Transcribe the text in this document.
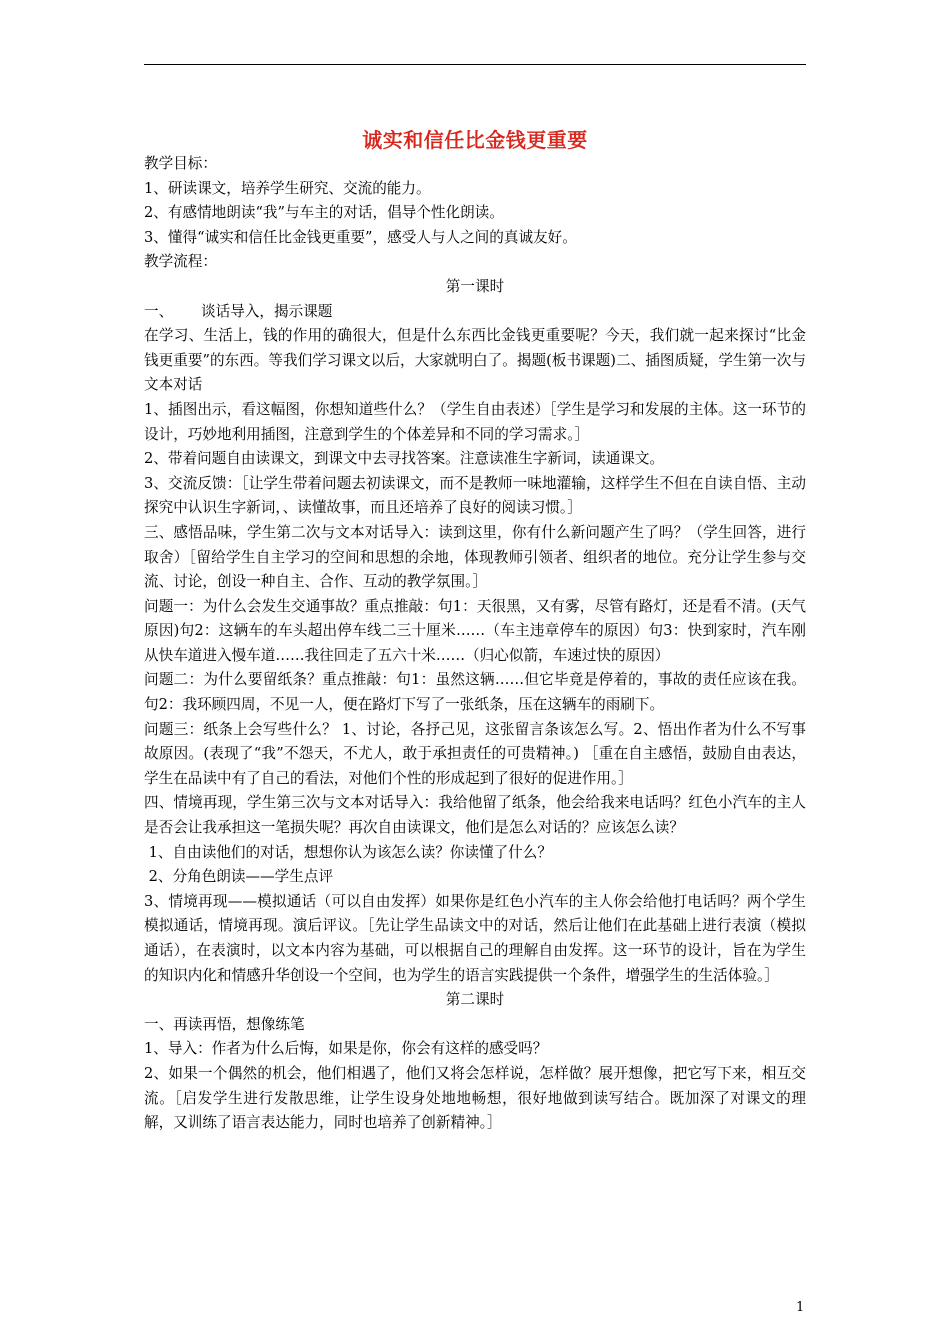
诚实和信任比金钱更重要

教学目标：

1、研读课文，培养学生研究、交流的能力。

2、有感情地朗读“我”与车主的对话，倡导个性化朗读。

3、懂得“诚实和信任比金钱更重要”，感受人与人之间的真诚友好。

教学流程：

第一课时

一、      谈话导入，揭示课题

在学习、生活上，钱的作用的确很大，但是什么东西比金钱更重要呢？今天，我们就一起来探讨“比金钱更重要”的东西。等我们学习课文以后，大家就明白了。揭题(板书课题)二、插图质疑，学生第一次与文本对话

1、插图出示，看这幅图，你想知道些什么？（学生自由表述）［学生是学习和发展的主体。这一环节的设计，巧妙地利用插图，注意到学生的个体差异和不同的学习需求。］

2、带着问题自由读课文，到课文中去寻找答案。注意读准生字新词，读通课文。

3、交流反馈：［让学生带着问题去初读课文，而不是教师一味地灌输，这样学生不但在自读自悟、主动探究中认识生字新词，、读懂故事，而且还培养了良好的阅读习惯。］

三、感悟品味，学生第二次与文本对话导入：读到这里，你有什么新问题产生了吗？（学生回答，进行取舍）［留给学生自主学习的空间和思想的余地，体现教师引领者、组织者的地位。充分让学生参与交流、讨论，创设一种自主、合作、互动的教学氛围。］

问题一：为什么会发生交通事故？重点推敲：句1：天很黑，又有雾，尽管有路灯，还是看不清。(天气原因)句2：这辆车的车头超出停车线二三十厘米……（车主违章停车的原因）句3：快到家时，汽车刚从快车道进入慢车道……我往回走了五六十米……（归心似箭，车速过快的原因）

问题二：为什么要留纸条？重点推敲：句1：虽然这辆……但它毕竟是停着的，事故的责任应该在我。句2：我环顾四周，不见一人，便在路灯下写了一张纸条，压在这辆车的雨刷下。

问题三：纸条上会写些什么？ 1、讨论，各抒己见，这张留言条该怎么写。2、悟出作者为什么不写事故原因。(表现了“我”不怨天，不尤人，敢于承担责任的可贵精神。) ［重在自主感悟，鼓励自由表达，学生在品读中有了自己的看法，对他们个性的形成起到了很好的促进作用。］

四、情境再现，学生第三次与文本对话导入：我给他留了纸条，他会给我来电话吗？红色小汽车的主人是否会让我承担这一笔损失呢？再次自由读课文，他们是怎么对话的？应该怎么读？

1、自由读他们的对话，想想你认为该怎么读？你读懂了什么？

2、分角色朗读——学生点评

3、情境再现——模拟通话（可以自由发挥）如果你是红色小汽车的主人你会给他打电话吗？两个学生模拟通话，情境再现。演后评议。［先让学生品读文中的对话，然后让他们在此基础上进行表演（模拟通话），在表演时，以文本内容为基础，可以根据自己的理解自由发挥。这一环节的设计，旨在为学生的知识内化和情感升华创设一个空间，也为学生的语言实践提供一个条件，增强学生的生活体验。］

第二课时

一、再读再悟，想像练笔

1、导入：作者为什么后悔，如果是你，你会有这样的感受吗？

2、如果一个偶然的机会，他们相遇了，他们又将会怎样说，怎样做？展开想像，把它写下来，相互交流。［启发学生进行发散思维，让学生设身处地地畅想，很好地做到读写结合。既加深了对课文的理解，又训练了语言表达能力，同时也培养了创新精神。］

1
